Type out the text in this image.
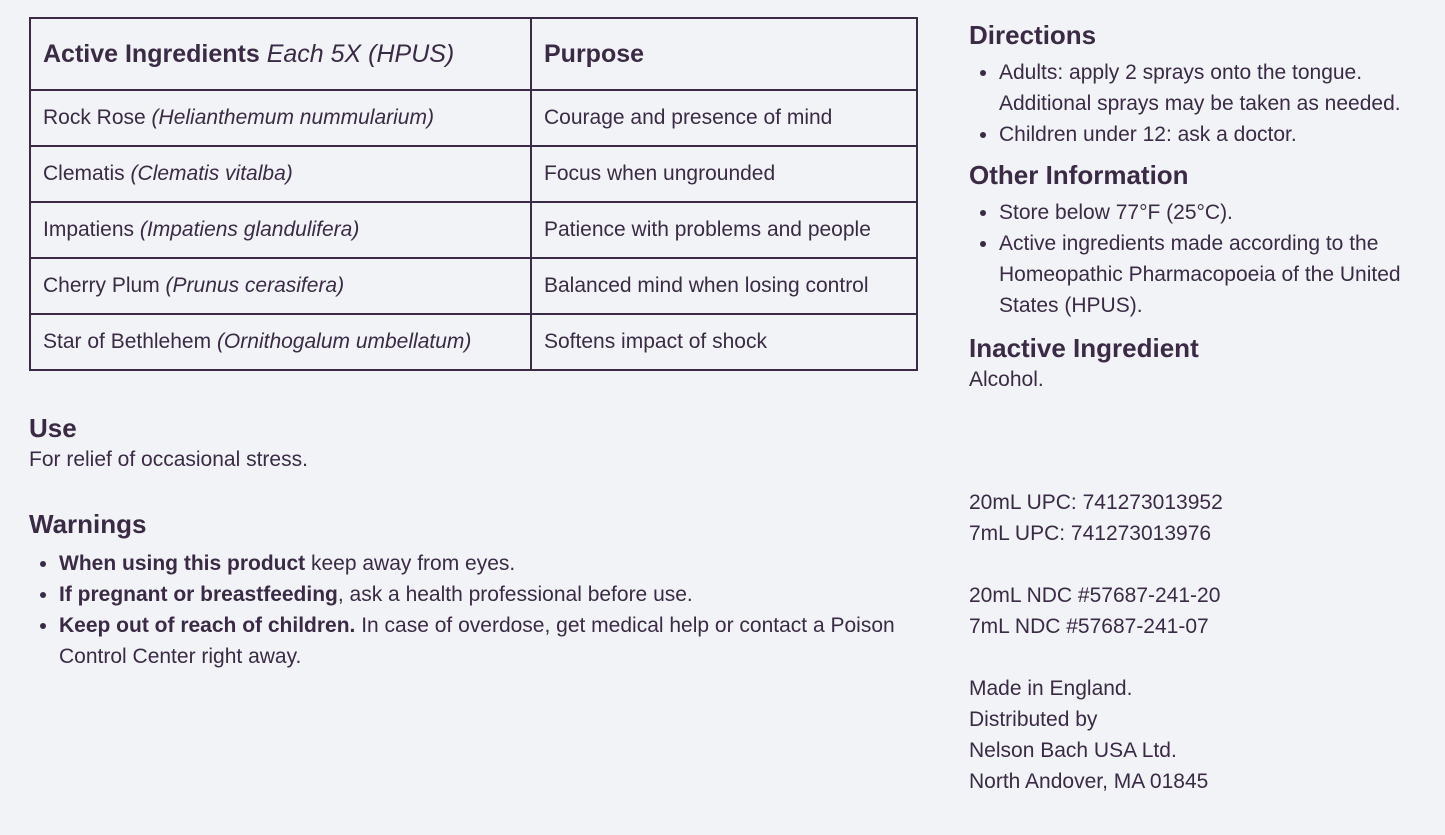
Active Ingredients Each 5X (HPUS)	Purpose
Rock Rose (Helianthemum nummularium)	Courage and presence of mind
Clematis (Clematis vitalba)	Focus when ungrounded
Impatiens (Impatiens glandulifera)	Patience with problems and people
Cherry Plum (Prunus cerasifera)	Balanced mind when losing control
Star of Bethlehem (Ornithogalum umbellatum)	Softens impact of shock
Use

For relief of occasional stress.

Warnings
• When using this product keep away from eyes.
• If pregnant or breastfeeding, ask a health professional before use.
• Keep out of reach of children. In case of overdose, get medical help or contact a Poison Control Center right away.
Directions
• Adults: apply 2 sprays onto the tongue. Additional sprays may be taken as needed.
• Children under 12: ask a doctor.
Other Information
• Store below 77°F (25°C).
• Active ingredients made according to the Homeopathic Pharmacopoeia of the United States (HPUS).
Inactive Ingredient

Alcohol.

20mL UPC: 741273013952
7mL UPC: 741273013976
20mL NDC #57687-241-20
7mL NDC #57687-241-07
Made in England.
Distributed by
Nelson Bach USA Ltd.
North Andover, MA 01845
